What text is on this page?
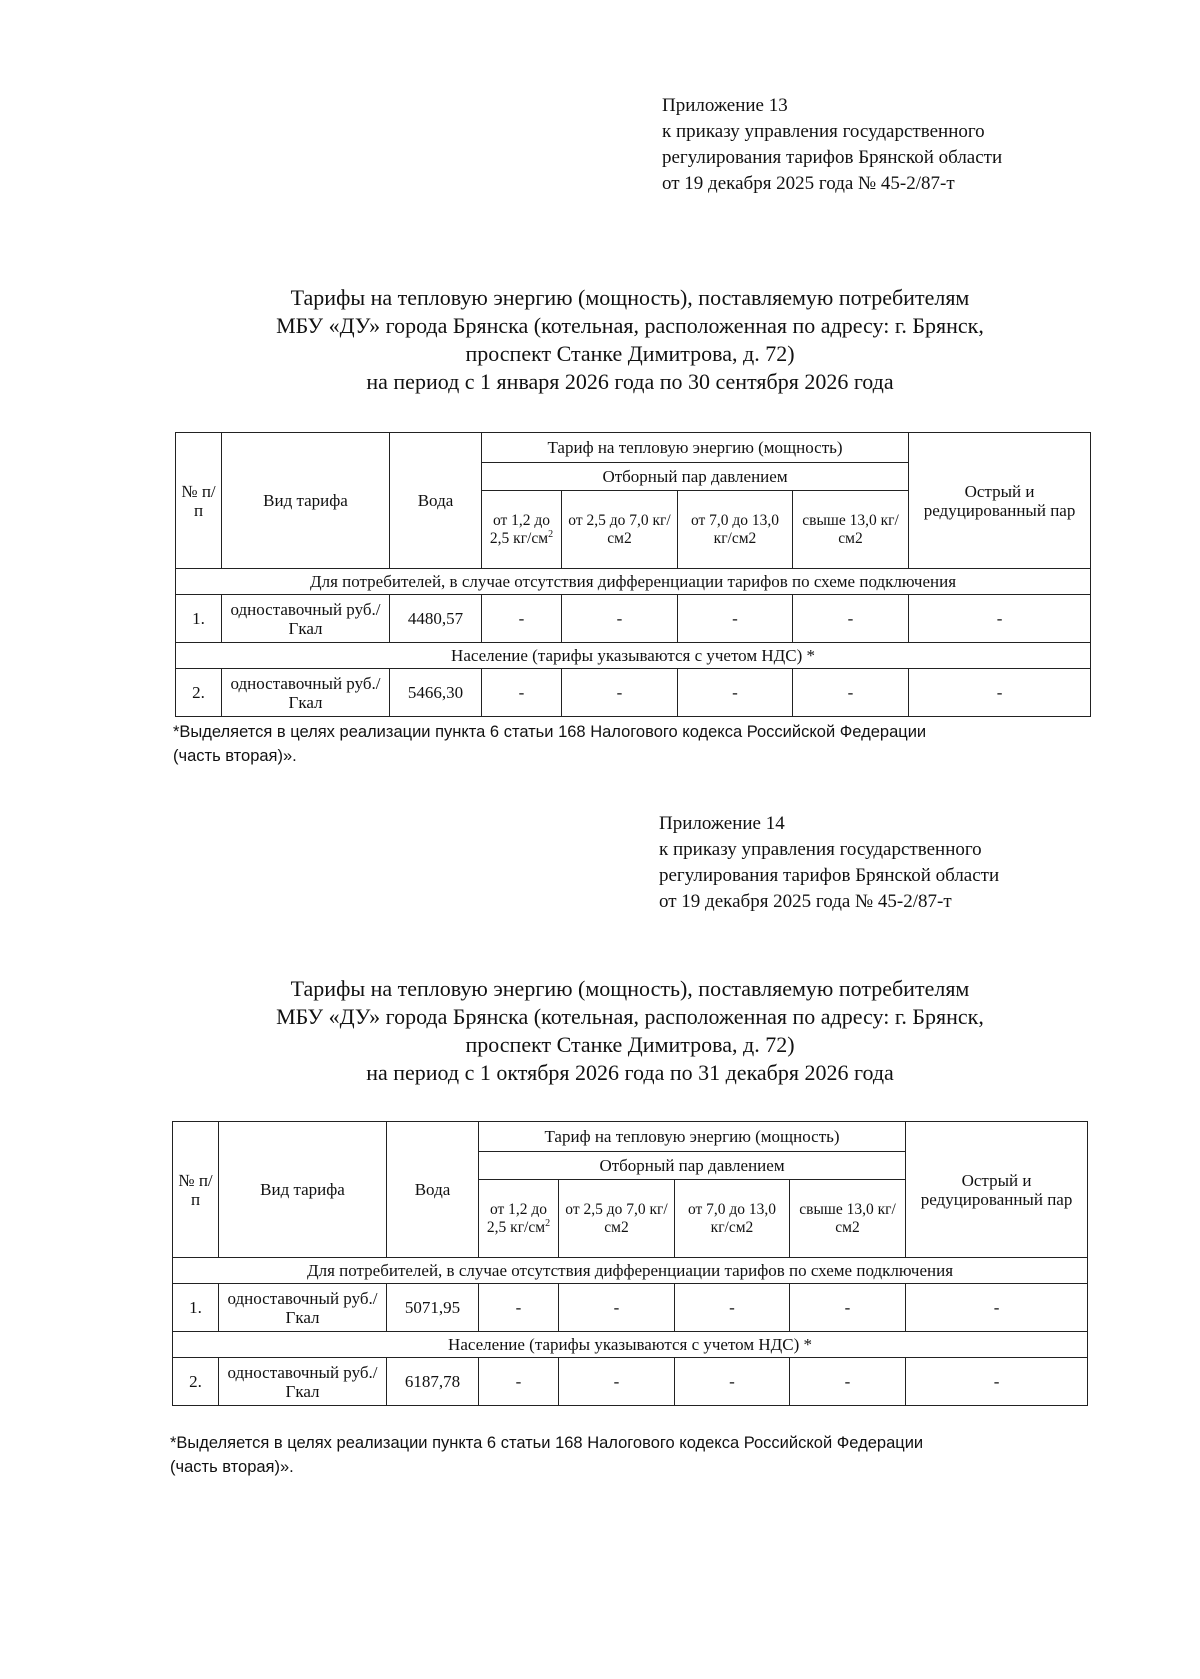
Приложение 13
к приказу управления государственного
регулирования тарифов Брянской области
от 19 декабря 2025 года № 45-2/87-т
Тарифы на тепловую энергию (мощность), поставляемую потребителям
МБУ «ДУ» города Брянска (котельная, расположенная по адресу: г. Брянск,
проспект Станке Димитрова, д. 72)
на период с 1 января 2026 года по 30 сентября 2026 года
№ п/ п	Вид тарифа	Вода	Тариф на тепловую энергию (мощность)				Острый и редуцированный пар
			Отборный пар давлением				
			от 1,2 до 2,5 $кг/см^2$	от 2,5 до 7,0 кг/см2	от 7,0 до 13,0 кг/см2	свыше 13,0 кг/см2	
Для потребителей, в случае отсутствия дифференциации тарифов по схеме подключения							
1.	одноставочный руб./Гкал	4480,57	-	-	-	-	-
Население (тарифы указываются с учетом НДС) *							
2.	одноставочный руб./Гкал	5466,30	-	-	-	-	-
*Выделяется в целях реализации пункта 6 статьи 168 Налогового кодекса Российской Федерации
(часть вторая)».
Приложение 14
к приказу управления государственного
регулирования тарифов Брянской области
от 19 декабря 2025 года № 45-2/87-т
Тарифы на тепловую энергию (мощность), поставляемую потребителям
МБУ «ДУ» города Брянска (котельная, расположенная по адресу: г. Брянск,
проспект Станке Димитрова, д. 72)
на период с 1 октября 2026 года по 31 декабря 2026 года
№ п/ п	Вид тарифа	Вода	Тариф на тепловую энергию (мощность)				Острый и редуцированный пар
			Отборный пар давлением				
			от 1,2 до 2,5 $кг/см^2$	от 2,5 до 7,0 кг/см2	от 7,0 до 13,0 кг/см2	свыше 13,0 кг/см2	
Для потребителей, в случае отсутствия дифференциации тарифов по схеме подключения							
1.	одноставочный руб./Гкал	5071,95	-	-	-	-	-
Население (тарифы указываются с учетом НДС) *							
2.	одноставочный руб./Гкал	6187,78	-	-	-	-	-
*Выделяется в целях реализации пункта 6 статьи 168 Налогового кодекса Российской Федерации
(часть вторая)».
